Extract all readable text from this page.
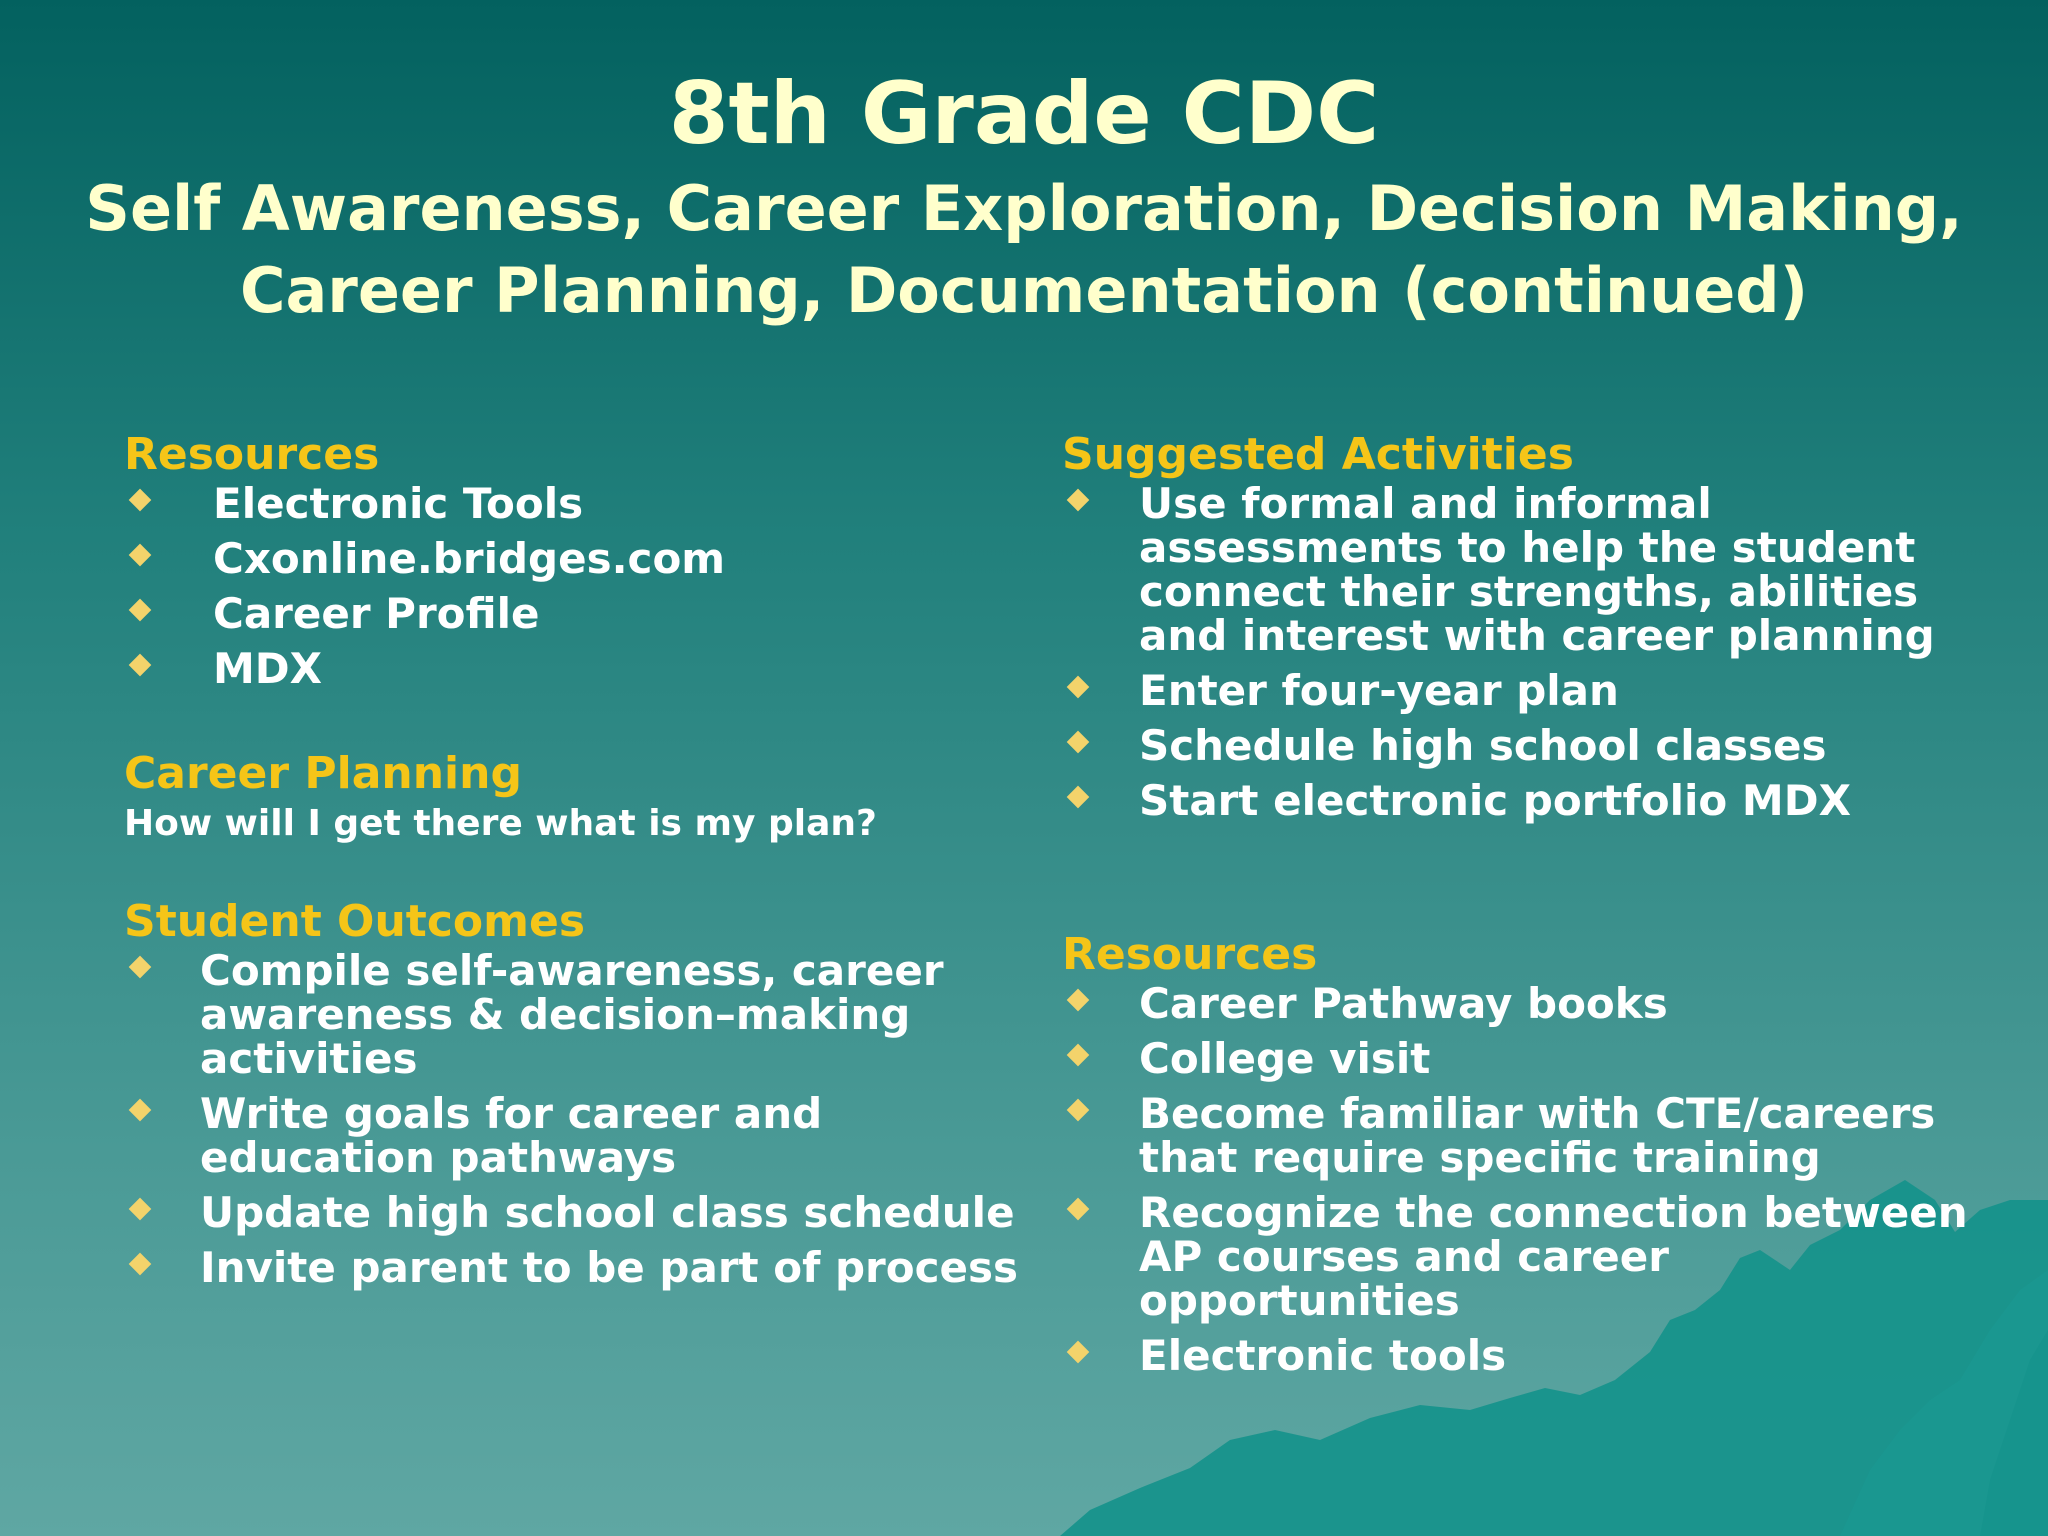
8th Grade CDC
Self Awareness, Career Exploration, Decision Making,
Career Planning, Documentation (continued)
Resources
Electronic Tools
Cxonline.bridges.com
Career Profile
MDX
Career Planning
How will I get there what is my plan?
Student Outcomes
Compile self-awareness, career awareness & decision–making activities
Write goals for career and education pathways
Update high school class schedule
Invite parent to be part of process
Suggested Activities
Use formal and informal assessments to help the student connect their strengths, abilities and interest with career planning
Enter four-year plan
Schedule high school classes
Start electronic portfolio MDX
Resources
Career Pathway books
College visit
Become familiar with CTE/careers that require specific training
Recognize the connection between AP courses and career opportunities
Electronic tools
